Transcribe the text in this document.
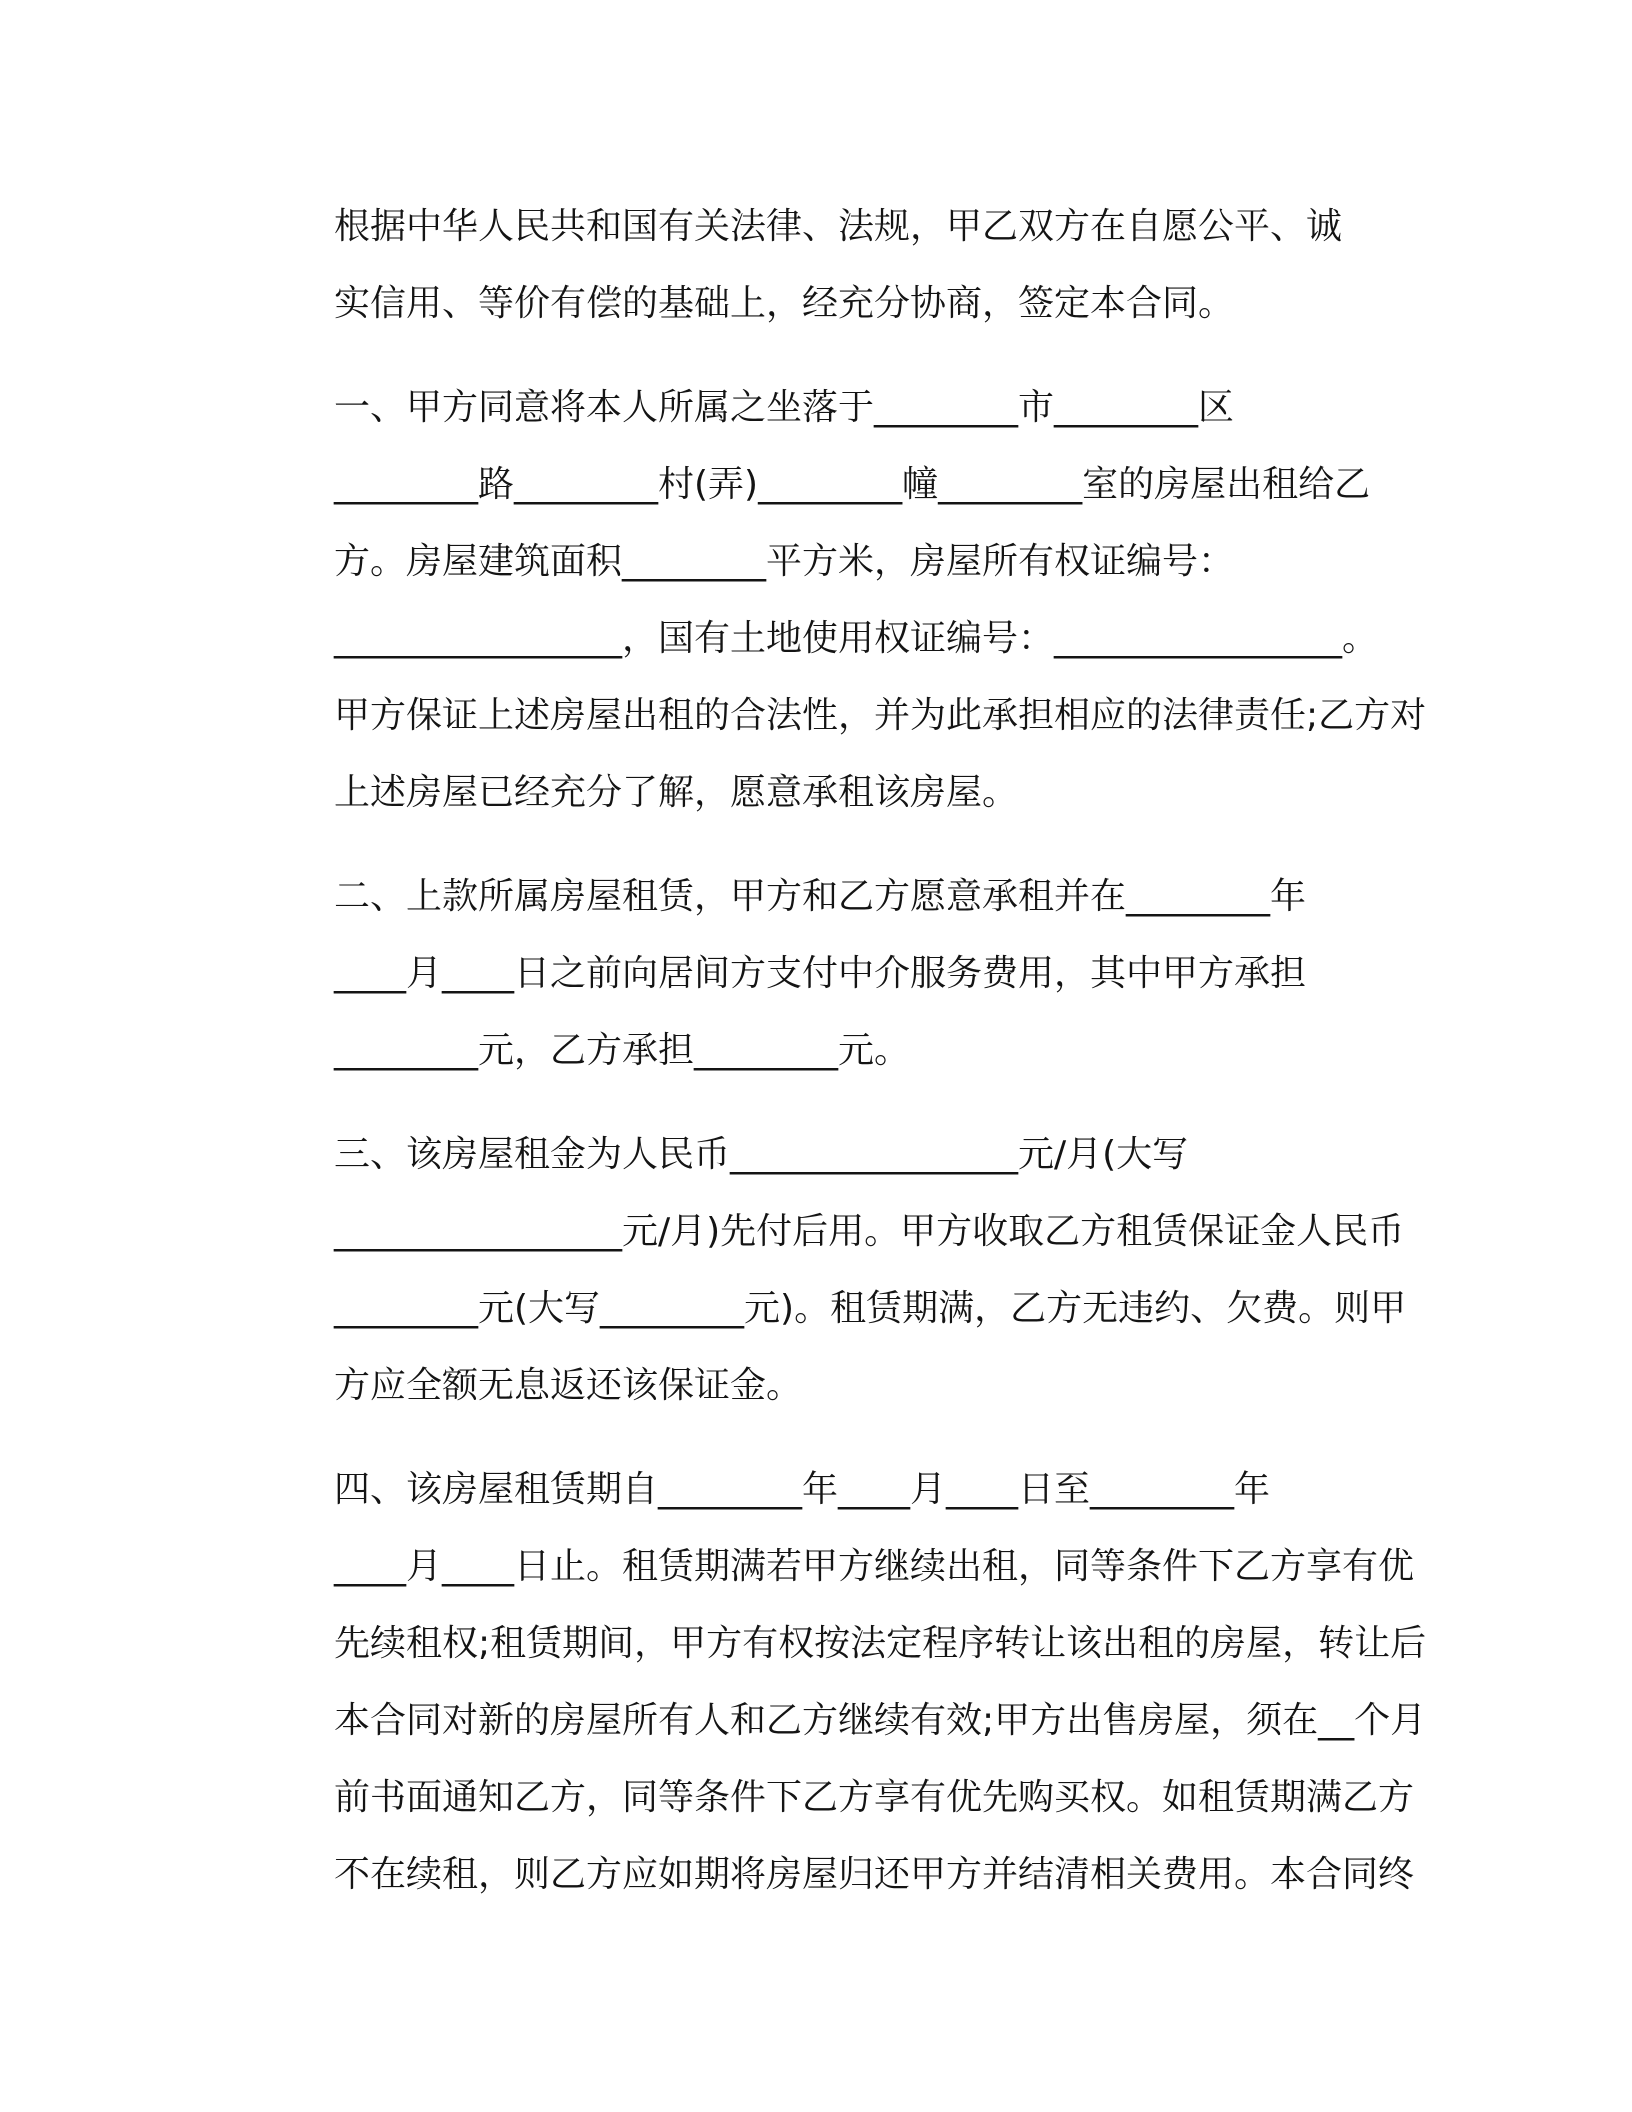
根据中华人民共和国有关法律、法规，甲乙双方在自愿公平、诚
实信用、等价有偿的基础上，经充分协商，签定本合同。

一、甲方同意将本人所属之坐落于________市________区
________路________村(弄)________幢________室的房屋出租给乙
方。房屋建筑面积________平方米，房屋所有权证编号：
________________，国有土地使用权证编号：________________。
甲方保证上述房屋出租的合法性，并为此承担相应的法律责任;乙方对
上述房屋已经充分了解，愿意承租该房屋。

二、上款所属房屋租赁，甲方和乙方愿意承租并在________年
____月____日之前向居间方支付中介服务费用，其中甲方承担
________元，乙方承担________元。

三、该房屋租金为人民币________________元/月(大写
________________元/月)先付后用。甲方收取乙方租赁保证金人民币
________元(大写________元)。租赁期满，乙方无违约、欠费。则甲
方应全额无息返还该保证金。

四、该房屋租赁期自________年____月____日至________年
____月____日止。租赁期满若甲方继续出租，同等条件下乙方享有优
先续租权;租赁期间，甲方有权按法定程序转让该出租的房屋，转让后
本合同对新的房屋所有人和乙方继续有效;甲方出售房屋，须在__个月
前书面通知乙方，同等条件下乙方享有优先购买权。如租赁期满乙方
不在续租，则乙方应如期将房屋归还甲方并结清相关费用。本合同终
